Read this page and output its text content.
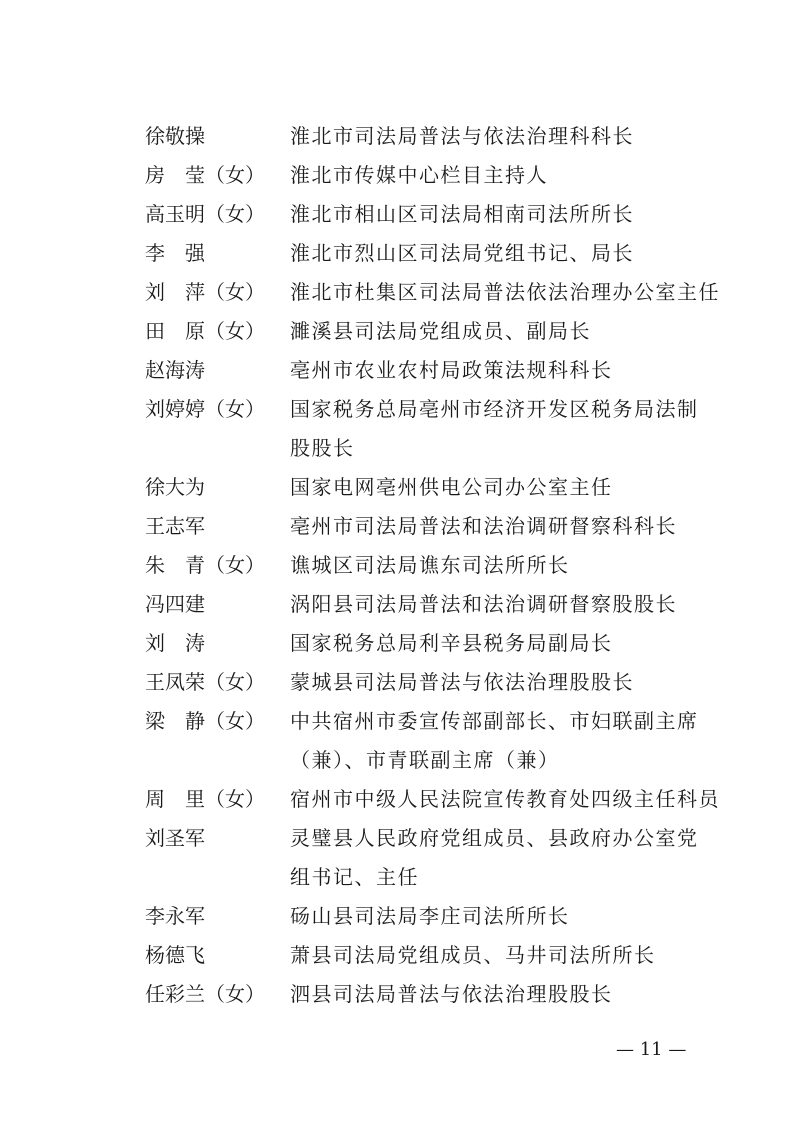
徐敬操	淮北市司法局普法与依法治理科科长
房　莹（女） 淮北市传媒中心栏目主持人
高玉明（女） 淮北市相山区司法局相南司法所所长
李　强	淮北市烈山区司法局党组书记、局长
刘　萍（女） 淮北市杜集区司法局普法依法治理办公室主任
田　原（女） 濉溪县司法局党组成员、副局长
赵海涛	亳州市农业农村局政策法规科科长
刘婷婷（女） 国家税务总局亳州市经济开发区税务局法制
股股长
徐大为	国家电网亳州供电公司办公室主任
王志军	亳州市司法局普法和法治调研督察科科长
朱　青（女） 谯城区司法局谯东司法所所长
冯四建	涡阳县司法局普法和法治调研督察股股长
刘　涛	国家税务总局利辛县税务局副局长
王凤荣（女） 蒙城县司法局普法与依法治理股股长
梁　静（女） 中共宿州市委宣传部副部长、市妇联副主席
（兼）、市青联副主席（兼）
周　里（女） 宿州市中级人民法院宣传教育处四级主任科员
刘圣军	灵璧县人民政府党组成员、县政府办公室党
组书记、主任
李永军	砀山县司法局李庄司法所所长
杨德飞	萧县司法局党组成员、马井司法所所长
任彩兰（女） 泗县司法局普法与依法治理股股长
— 11 —
